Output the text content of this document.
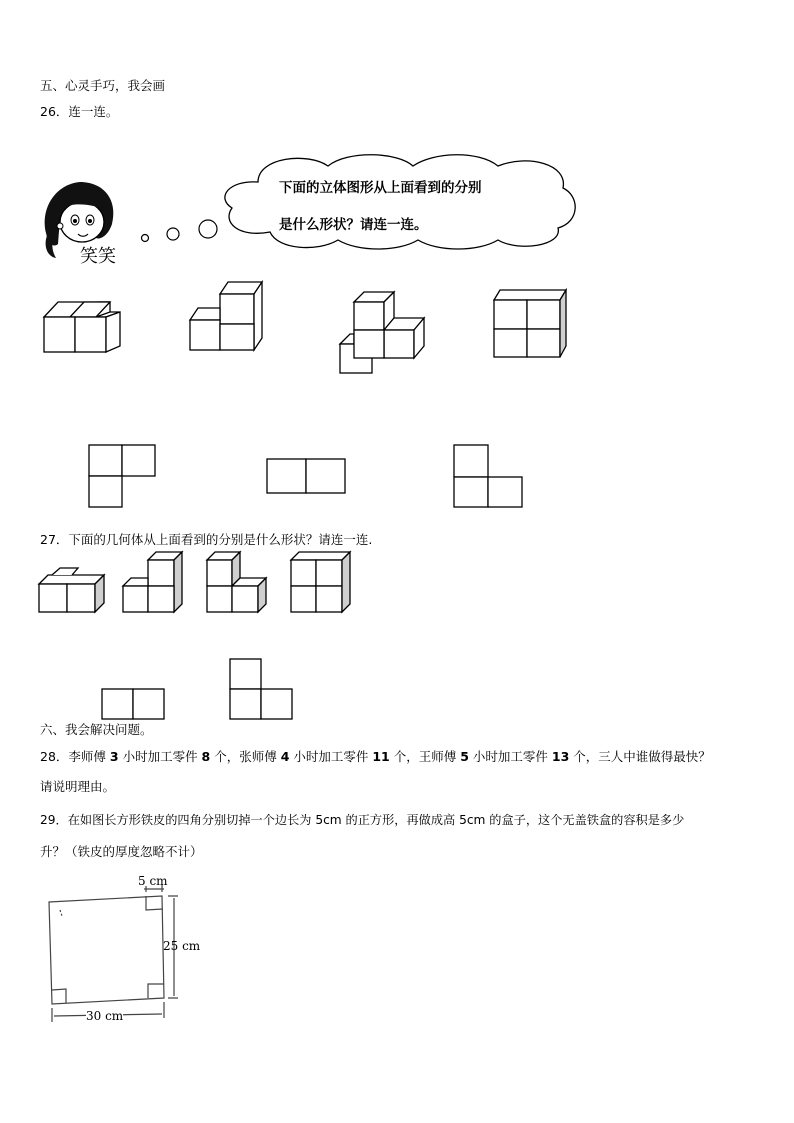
五、心灵手巧，我会画
26．连一连。
笑笑
下面的立体图形从上面看到的分别
是什么形状？请连一连。
27．下面的几何体从上面看到的分别是什么形状？请连一连.
六、我会解决问题。
28．李师傅 3 小时加工零件 8 个，张师傅 4 小时加工零件 11 个，王师傅 5 小时加工零件 13 个，三人中谁做得最快？
请说明理由。
29．在如图长方形铁皮的四角分别切掉一个边长为 5cm 的正方形，再做成高 5cm 的盒子，这个无盖铁盒的容积是多少
升？（铁皮的厚度忽略不计）
5 cm
25 cm
30 cm
